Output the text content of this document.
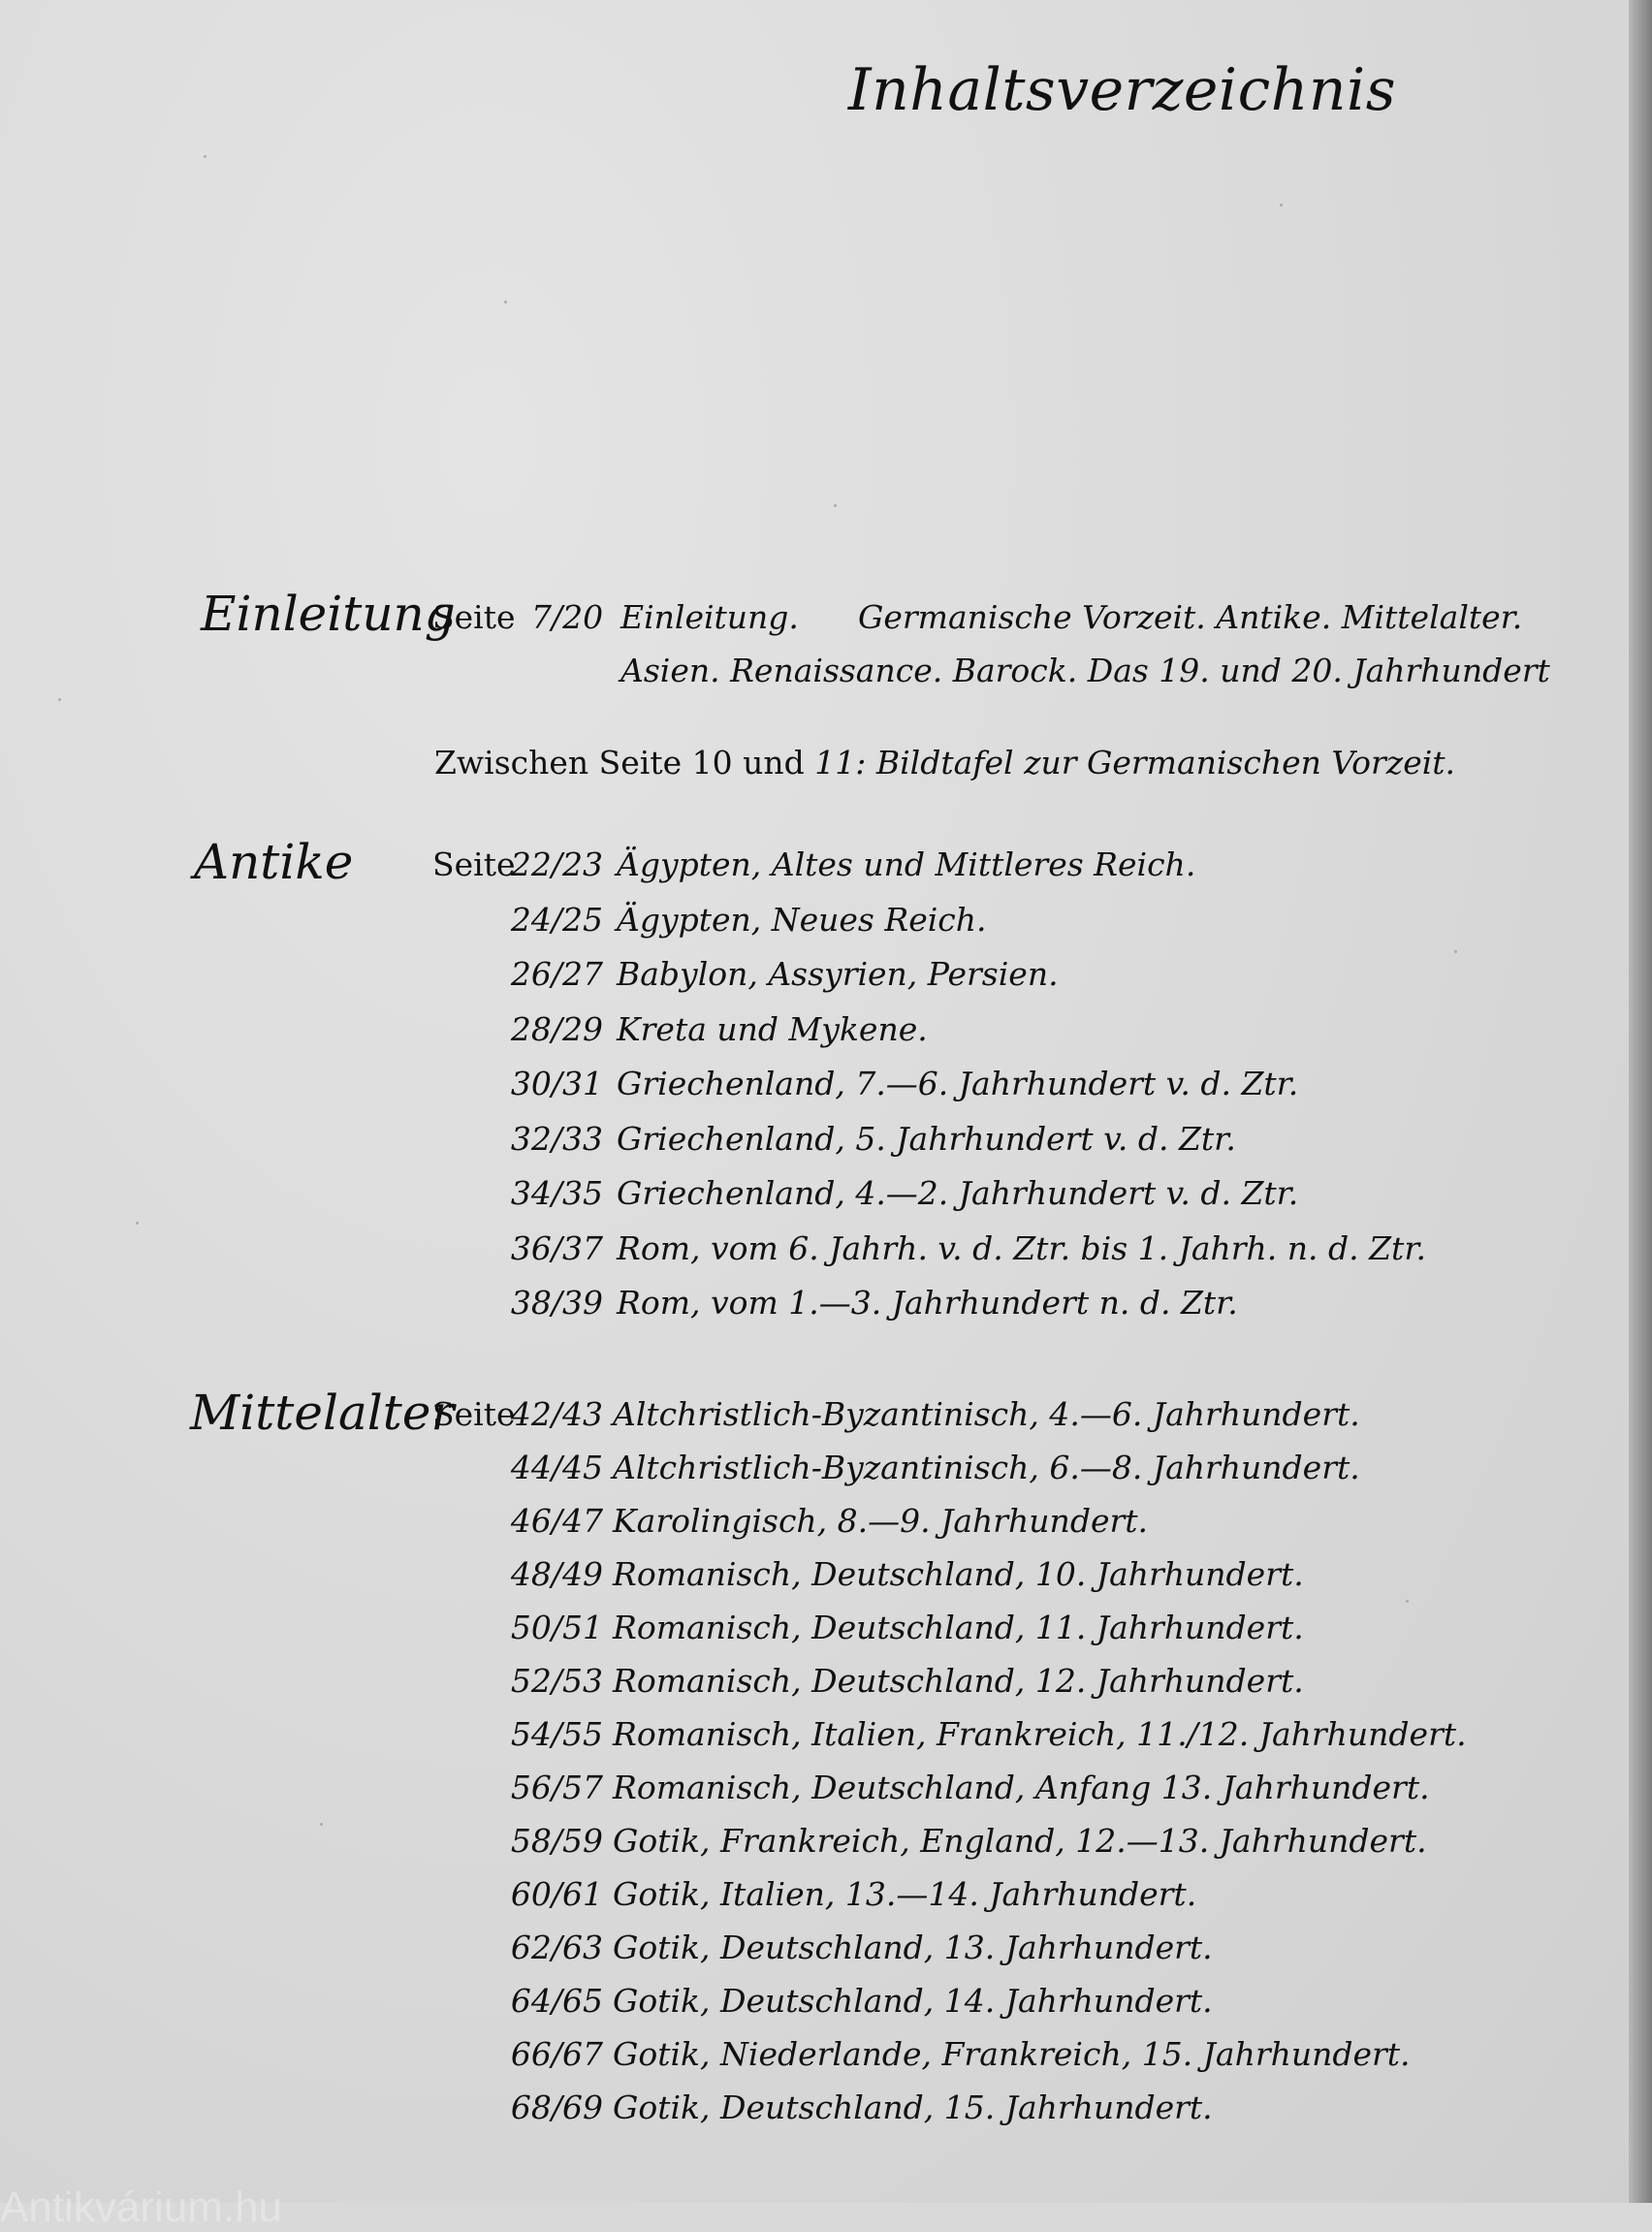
Inhaltsverzeichnis
Einleitung
Seite 7/20 Einleitung. Germanische Vorzeit. Antike. Mittelalter.
Asien. Renaissance. Barock. Das 19. und 20. Jahrhundert
Zwischen Seite 10 und 11: Bildtafel zur Germanischen Vorzeit.
Antike Seite
22/23 Ägypten, Altes und Mittleres Reich.
24/25 Ägypten, Neues Reich.
26/27 Babylon, Assyrien, Persien.
28/29 Kreta und Mykene.
30/31 Griechenland, 7.—6. Jahrhundert v. d. Ztr.
32/33 Griechenland, 5. Jahrhundert v. d. Ztr.
34/35 Griechenland, 4.—2. Jahrhundert v. d. Ztr.
36/37 Rom, vom 6. Jahrh. v. d. Ztr. bis 1. Jahrh. n. d. Ztr.
38/39 Rom, vom 1.—3. Jahrhundert n. d. Ztr.
Mittelalter
Seite
42/43 Altchristlich-Byzantinisch, 4.—6. Jahrhundert.
44/45 Altchristlich-Byzantinisch, 6.—8. Jahrhundert.
46/47 Karolingisch, 8.—9. Jahrhundert.
48/49 Romanisch, Deutschland, 10. Jahrhundert.
50/51 Romanisch, Deutschland, 11. Jahrhundert.
52/53 Romanisch, Deutschland, 12. Jahrhundert.
54/55 Romanisch, Italien, Frankreich, 11./12. Jahrhundert.
56/57 Romanisch, Deutschland, Anfang 13. Jahrhundert.
58/59 Gotik, Frankreich, England, 12.—13. Jahrhundert.
60/61 Gotik, Italien, 13.—14. Jahrhundert.
62/63 Gotik, Deutschland, 13. Jahrhundert.
64/65 Gotik, Deutschland, 14. Jahrhundert.
66/67 Gotik, Niederlande, Frankreich, 15. Jahrhundert.
68/69 Gotik, Deutschland, 15. Jahrhundert.
Antikvárium.hu
